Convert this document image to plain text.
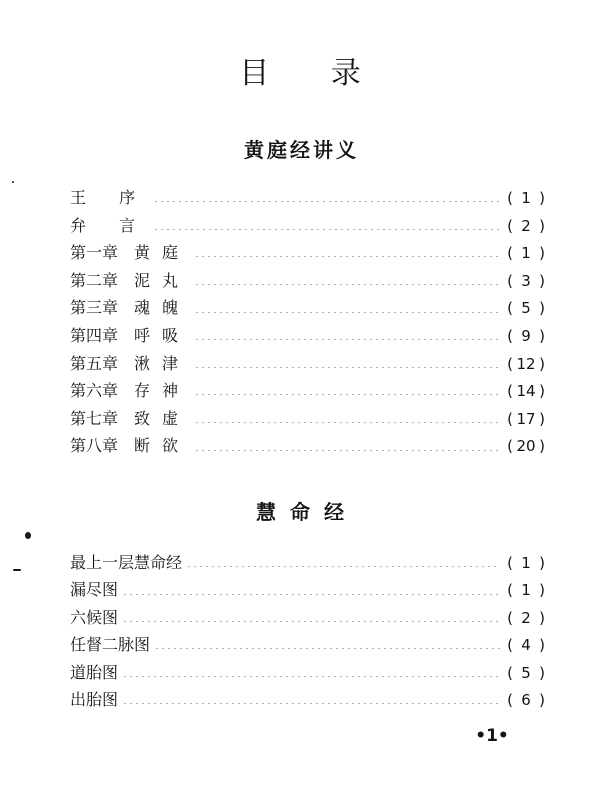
目 录
黄庭经讲义
王 序	( 1 )
弁 言	( 2 )
第一章 黄庭	( 1 )
第二章 泥丸	( 3 )
第三章 魂魄	( 5 )
第四章 呼吸	( 9 )
第五章 湫津	( 12 )
第六章 存神	( 14 )
第七章 致虚	( 17 )
第八章 断欲	( 20 )
慧命经
最上一层慧命经	( 1 )
漏尽图	( 1 )
六候图	( 2 )
任督二脉图	( 4 )
道胎图	( 5 )
出胎图	( 6 )
•1•
